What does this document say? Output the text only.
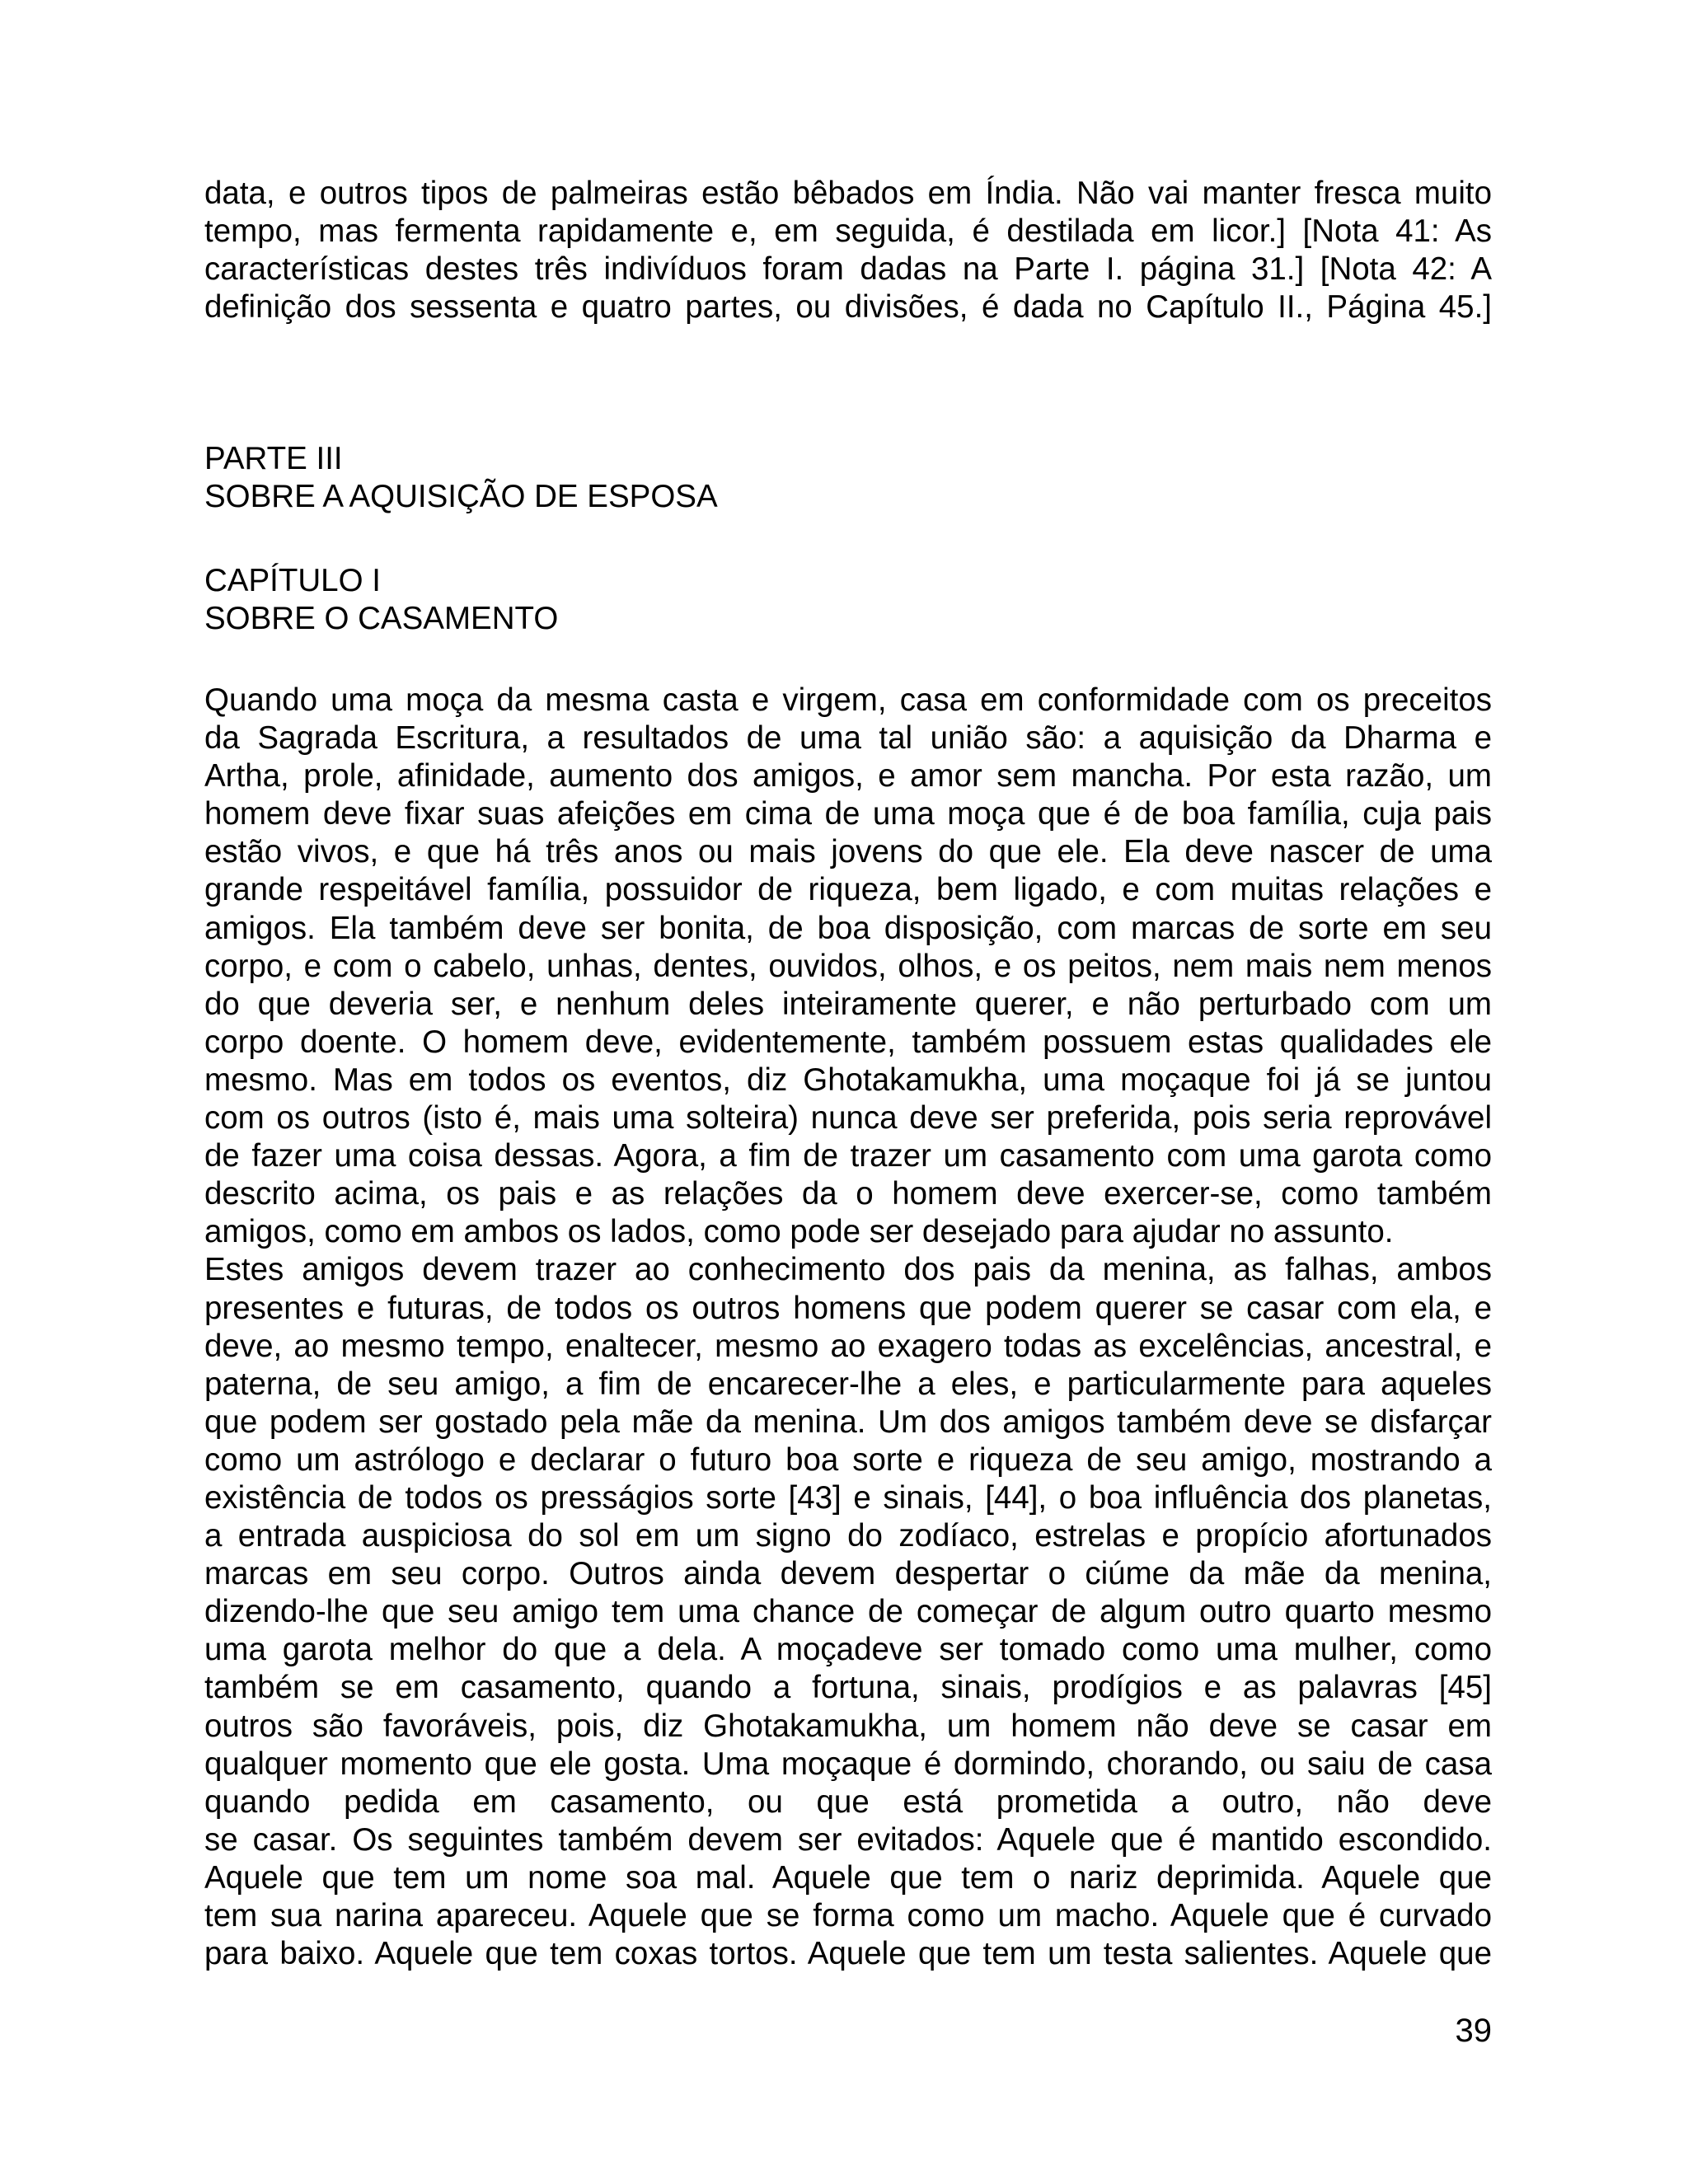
data, e outros tipos de palmeiras estão bêbados em Índia. Não vai manter fresca muito
tempo, mas fermenta rapidamente e, em seguida, é destilada em licor.] [Nota 41: As
características destes três indivíduos foram dadas na Parte I. página 31.] [Nota 42: A
definição dos sessenta e quatro partes, ou divisões, é dada no Capítulo II., Página 45.]
PARTE III
SOBRE A AQUISIÇÃO DE ESPOSA
CAPÍTULO I
SOBRE O CASAMENTO
Quando uma moça da mesma casta e virgem, casa em conformidade com os preceitos
da Sagrada Escritura, a resultados de uma tal união são: a aquisição da Dharma e
Artha, prole, afinidade, aumento dos amigos, e amor sem mancha. Por esta razão, um
homem deve fixar suas afeições em cima de uma moça que é de boa família, cuja pais
estão vivos, e que há três anos ou mais jovens do que ele. Ela deve nascer de uma
grande respeitável família, possuidor de riqueza, bem ligado, e com muitas relações e
amigos. Ela também deve ser bonita, de boa disposição, com marcas de sorte em seu
corpo, e com o cabelo, unhas, dentes, ouvidos, olhos, e os peitos, nem mais nem menos
do que deveria ser, e nenhum deles inteiramente querer, e não perturbado com um
corpo doente. O homem deve, evidentemente, também possuem estas qualidades ele
mesmo. Mas em todos os eventos, diz Ghotakamukha, uma moçaque foi já se juntou
com os outros (isto é, mais uma solteira) nunca deve ser preferida, pois seria reprovável
de fazer uma coisa dessas. Agora, a fim de trazer um casamento com uma garota como
descrito acima, os pais e as relações da o homem deve exercer-se, como também
amigos, como em ambos os lados, como pode ser desejado para ajudar no assunto.
Estes amigos devem trazer ao conhecimento dos pais da menina, as falhas, ambos
presentes e futuras, de todos os outros homens que podem querer se casar com ela, e
deve, ao mesmo tempo, enaltecer, mesmo ao exagero todas as excelências, ancestral, e
paterna, de seu amigo, a fim de encarecer-lhe a eles, e particularmente para aqueles
que podem ser gostado pela mãe da menina. Um dos amigos também deve se disfarçar
como um astrólogo e declarar o futuro boa sorte e riqueza de seu amigo, mostrando a
existência de todos os presságios sorte [43] e sinais, [44], o boa influência dos planetas,
a entrada auspiciosa do sol em um signo do zodíaco, estrelas e propício afortunados
marcas em seu corpo. Outros ainda devem despertar o ciúme da mãe da menina,
dizendo-lhe que seu amigo tem uma chance de começar de algum outro quarto mesmo
uma garota melhor do que a dela. A moçadeve ser tomado como uma mulher, como
também se em casamento, quando a fortuna, sinais, prodígios e as palavras [45]
outros são favoráveis, pois, diz Ghotakamukha, um homem não deve se casar em
qualquer momento que ele gosta. Uma moçaque é dormindo, chorando, ou saiu de casa
quando pedida em casamento, ou que está prometida a outro, não deve
se casar. Os seguintes também devem ser evitados: Aquele que é mantido escondido.
Aquele que tem um nome soa mal. Aquele que tem o nariz deprimida. Aquele que
tem sua narina apareceu. Aquele que se forma como um macho. Aquele que é curvado
para baixo. Aquele que tem coxas tortos. Aquele que tem um testa salientes. Aquele que
39
